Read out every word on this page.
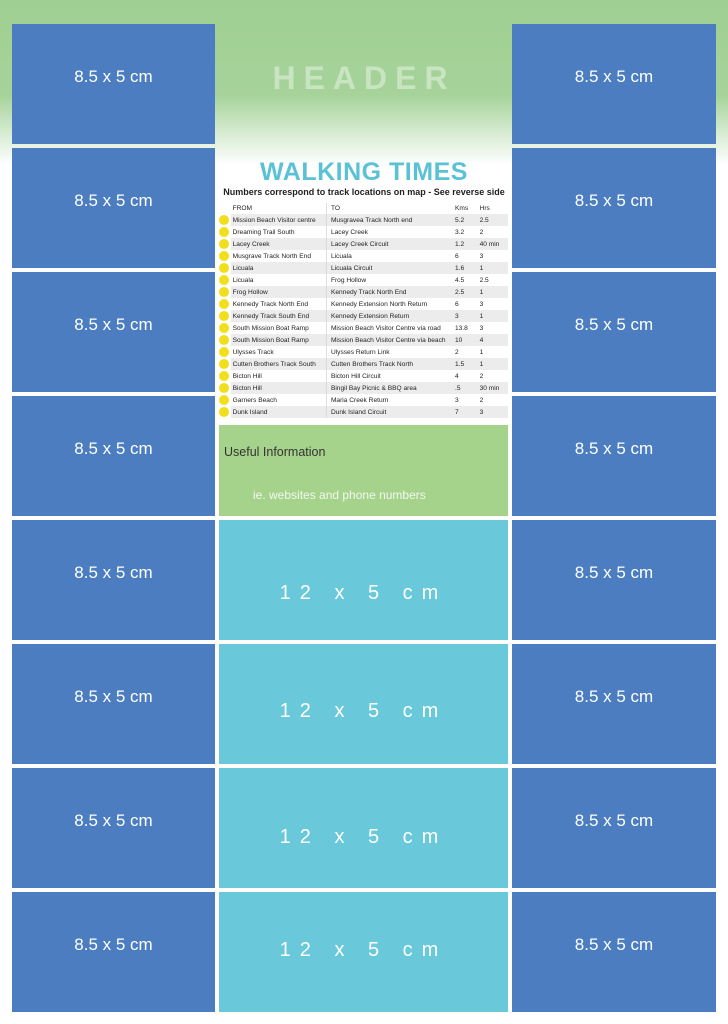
8.5 x 5 cm
8.5 x 5 cm
8.5 x 5 cm
8.5 x 5 cm
8.5 x 5 cm
8.5 x 5 cm
8.5 x 5 cm
8.5 x 5 cm
8.5 x 5 cm
8.5 x 5 cm
8.5 x 5 cm
8.5 x 5 cm
8.5 x 5 cm
8.5 x 5 cm
8.5 x 5 cm
8.5 x 5 cm
HEADER
WALKING TIMES
Numbers correspond to track locations on map - See reverse side
	FROM	TO	Kms	Hrs
	Mission Beach Visitor centre	Musgravea Track North end	5.2	2.5
	Dreaming Trail South	Lacey Creek	3.2	2
	Lacey Creek	Lacey Creek Circuit	1.2	40 min
	Musgrave Track North End	Licuala	6	3
	Licuala	Licuala Circuit	1.6	1
	Licuala	Frog Hollow	4.5	2.5
	Frog Hollow	Kennedy Track North End	2.5	1
	Kennedy Track North End	Kennedy Extension North Return	6	3
	Kennedy Track South End	Kennedy Extension Return	3	1
	South Mission Boat Ramp	Mission Beach Visitor Centre via road	13.8	3
	South Mission Boat Ramp	Mission Beach Visitor Centre via beach	10	4
	Ulysses Track	Ulysses Return Link	2	1
	Cutten Brothers Track South	Cutten Brothers Track North	1.5	1
	Bicton Hill	Bicton Hill Circuit	4	2
	Bicton Hill	Bingil Bay Picnic & BBQ area	.5	30 min
	Garners Beach	Maria Creek Return	3	2
	Dunk Island	Dunk Island Circuit	7	3
Useful Information
ie. websites and phone numbers
12 x 5 cm
12 x 5 cm
12 x 5 cm
12 x 5 cm
